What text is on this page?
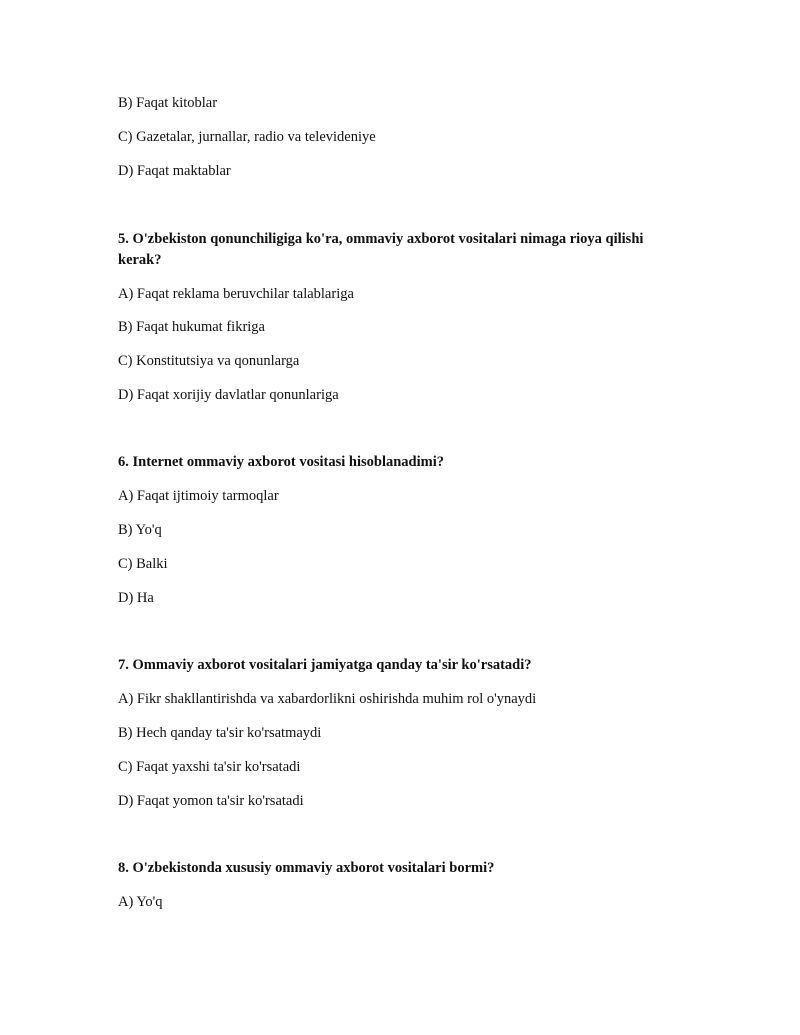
B) Faqat kitoblar
C) Gazetalar, jurnallar, radio va televideniye
D) Faqat maktablar
5. O'zbekiston qonunchiligiga ko'ra, ommaviy axborot vositalari nimaga rioya qilishi kerak?
A) Faqat reklama beruvchilar talablariga
B) Faqat hukumat fikriga
C) Konstitutsiya va qonunlarga
D) Faqat xorijiy davlatlar qonunlariga
6. Internet ommaviy axborot vositasi hisoblanadimi?
A) Faqat ijtimoiy tarmoqlar
B) Yo'q
C) Balki
D) Ha
7. Ommaviy axborot vositalari jamiyatga qanday ta'sir ko'rsatadi?
A) Fikr shakllantirishda va xabardorlikni oshirishda muhim rol o'ynaydi
B) Hech qanday ta'sir ko'rsatmaydi
C) Faqat yaxshi ta'sir ko'rsatadi
D) Faqat yomon ta'sir ko'rsatadi
8. O'zbekistonda xususiy ommaviy axborot vositalari bormi?
A) Yo'q
